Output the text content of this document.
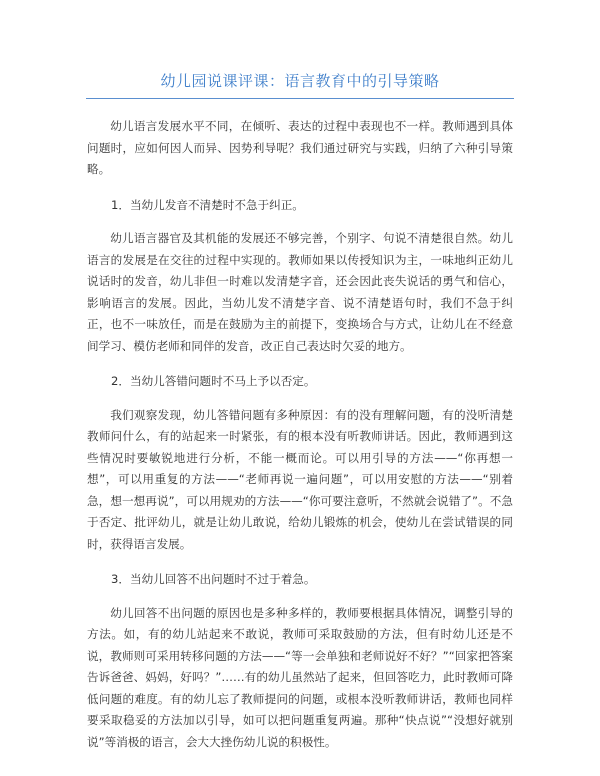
幼儿园说课评课：语言教育中的引导策略

幼儿语言发展水平不同，在倾听、表达的过程中表现也不一样。教师遇到具体问题时，应如何因人而异、因势利导呢？我们通过研究与实践，归纳了六种引导策略。

1．当幼儿发音不清楚时不急于纠正。

幼儿语言器官及其机能的发展还不够完善，个别字、句说不清楚很自然。幼儿语言的发展是在交往的过程中实现的。教师如果以传授知识为主，一味地纠正幼儿说话时的发音，幼儿非但一时难以发清楚字音，还会因此丧失说话的勇气和信心，影响语言的发展。因此，当幼儿发不清楚字音、说不清楚语句时，我们不急于纠正，也不一味放任，而是在鼓励为主的前提下，变换场合与方式，让幼儿在不经意间学习、模仿老师和同伴的发音，改正自己表达时欠妥的地方。

2．当幼儿答错问题时不马上予以否定。

我们观察发现，幼儿答错问题有多种原因：有的没有理解问题，有的没听清楚教师问什么，有的站起来一时紧张，有的根本没有听教师讲话。因此，教师遇到这些情况时要敏锐地进行分析，不能一概而论。可以用引导的方法——“你再想一想”，可以用重复的方法——“老师再说一遍问题”，可以用安慰的方法——“别着急，想一想再说”，可以用规劝的方法——“你可要注意听，不然就会说错了”。不急于否定、批评幼儿，就是让幼儿敢说，给幼儿锻炼的机会，使幼儿在尝试错误的同时，获得语言发展。

3．当幼儿回答不出问题时不过于着急。

幼儿回答不出问题的原因也是多种多样的，教师要根据具体情况，调整引导的方法。如，有的幼儿站起来不敢说，教师可采取鼓励的方法，但有时幼儿还是不说，教师则可采用转移问题的方法——“等一会单独和老师说好不好？”“回家把答案告诉爸爸、妈妈，好吗？”……有的幼儿虽然站了起来，但回答吃力，此时教师可降低问题的难度。有的幼儿忘了教师提问的问题，或根本没听教师讲话，教师也同样要采取稳妥的方法加以引导，如可以把问题重复两遍。那种“快点说”“没想好就别说”等消极的语言，会大大挫伤幼儿说的积极性。
